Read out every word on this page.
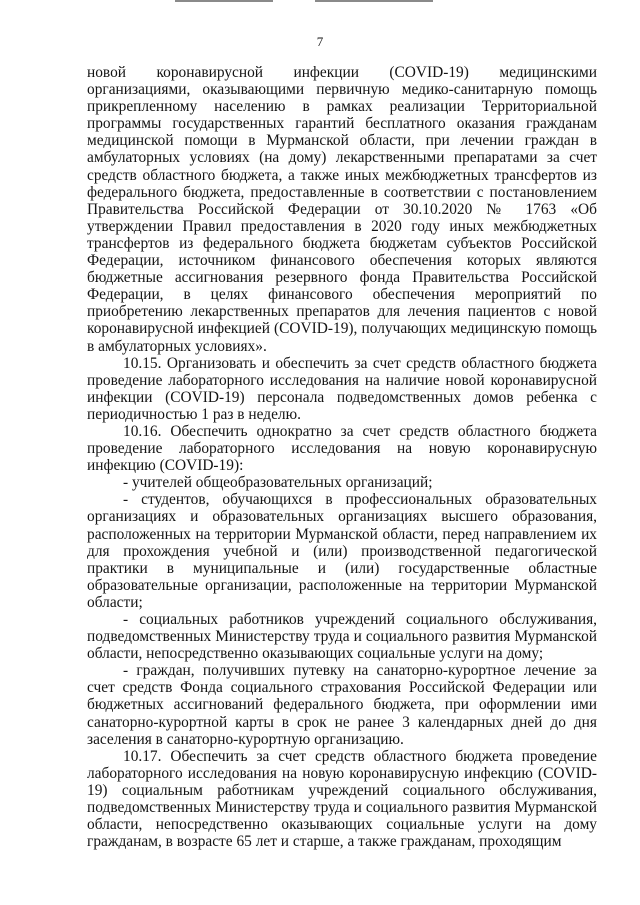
7

новой коронавирусной инфекции (COVID-19) медицинскими организациями, оказывающими первичную медико-санитарную помощь прикрепленному населению в рамках реализации Территориальной программы государственных гарантий бесплатного оказания гражданам медицинской помощи в Мурманской области, при лечении граждан в амбулаторных условиях (на дому) лекарственными препаратами за счет средств областного бюджета, а также иных межбюджетных трансфертов из федерального бюджета, предоставленные в соответствии с постановлением Правительства Российской Федерации от 30.10.2020 № 1763 «Об утверждении Правил предоставления в 2020 году иных межбюджетных трансфертов из федерального бюджета бюджетам субъектов Российской Федерации, источником финансового обеспечения которых являются бюджетные ассигнования резервного фонда Правительства Российской Федерации, в целях финансового обеспечения мероприятий по приобретению лекарственных препаратов для лечения пациентов с новой коронавирусной инфекцией (COVID-19), получающих медицинскую помощь в амбулаторных условиях».

10.15. Организовать и обеспечить за счет средств областного бюджета проведение лабораторного исследования на наличие новой коронавирусной инфекции (COVID-19) персонала подведомственных домов ребенка с периодичностью 1 раз в неделю.

10.16. Обеспечить однократно за счет средств областного бюджета проведение лабораторного исследования на новую коронавирусную инфекцию (COVID-19):

- учителей общеобразовательных организаций;

- студентов, обучающихся в профессиональных образовательных организациях и образовательных организациях высшего образования, расположенных на территории Мурманской области, перед направлением их для прохождения учебной и (или) производственной педагогической практики в муниципальные и (или) государственные областные образовательные организации, расположенные на территории Мурманской области;

- социальных работников учреждений социального обслуживания, подведомственных Министерству труда и социального развития Мурманской области, непосредственно оказывающих социальные услуги на дому;

- граждан, получивших путевку на санаторно-курортное лечение за счет средств Фонда социального страхования Российской Федерации или бюджетных ассигнований федерального бюджета, при оформлении ими санаторно-курортной карты в срок не ранее 3 календарных дней до дня заселения в санаторно-курортную организацию.

10.17. Обеспечить за счет средств областного бюджета проведение лабораторного исследования на новую коронавирусную инфекцию (COVID-19) социальным работникам учреждений социального обслуживания, подведомственных Министерству труда и социального развития Мурманской области, непосредственно оказывающих социальные услуги на дому гражданам, в возрасте 65 лет и старше, а также гражданам, проходящим
